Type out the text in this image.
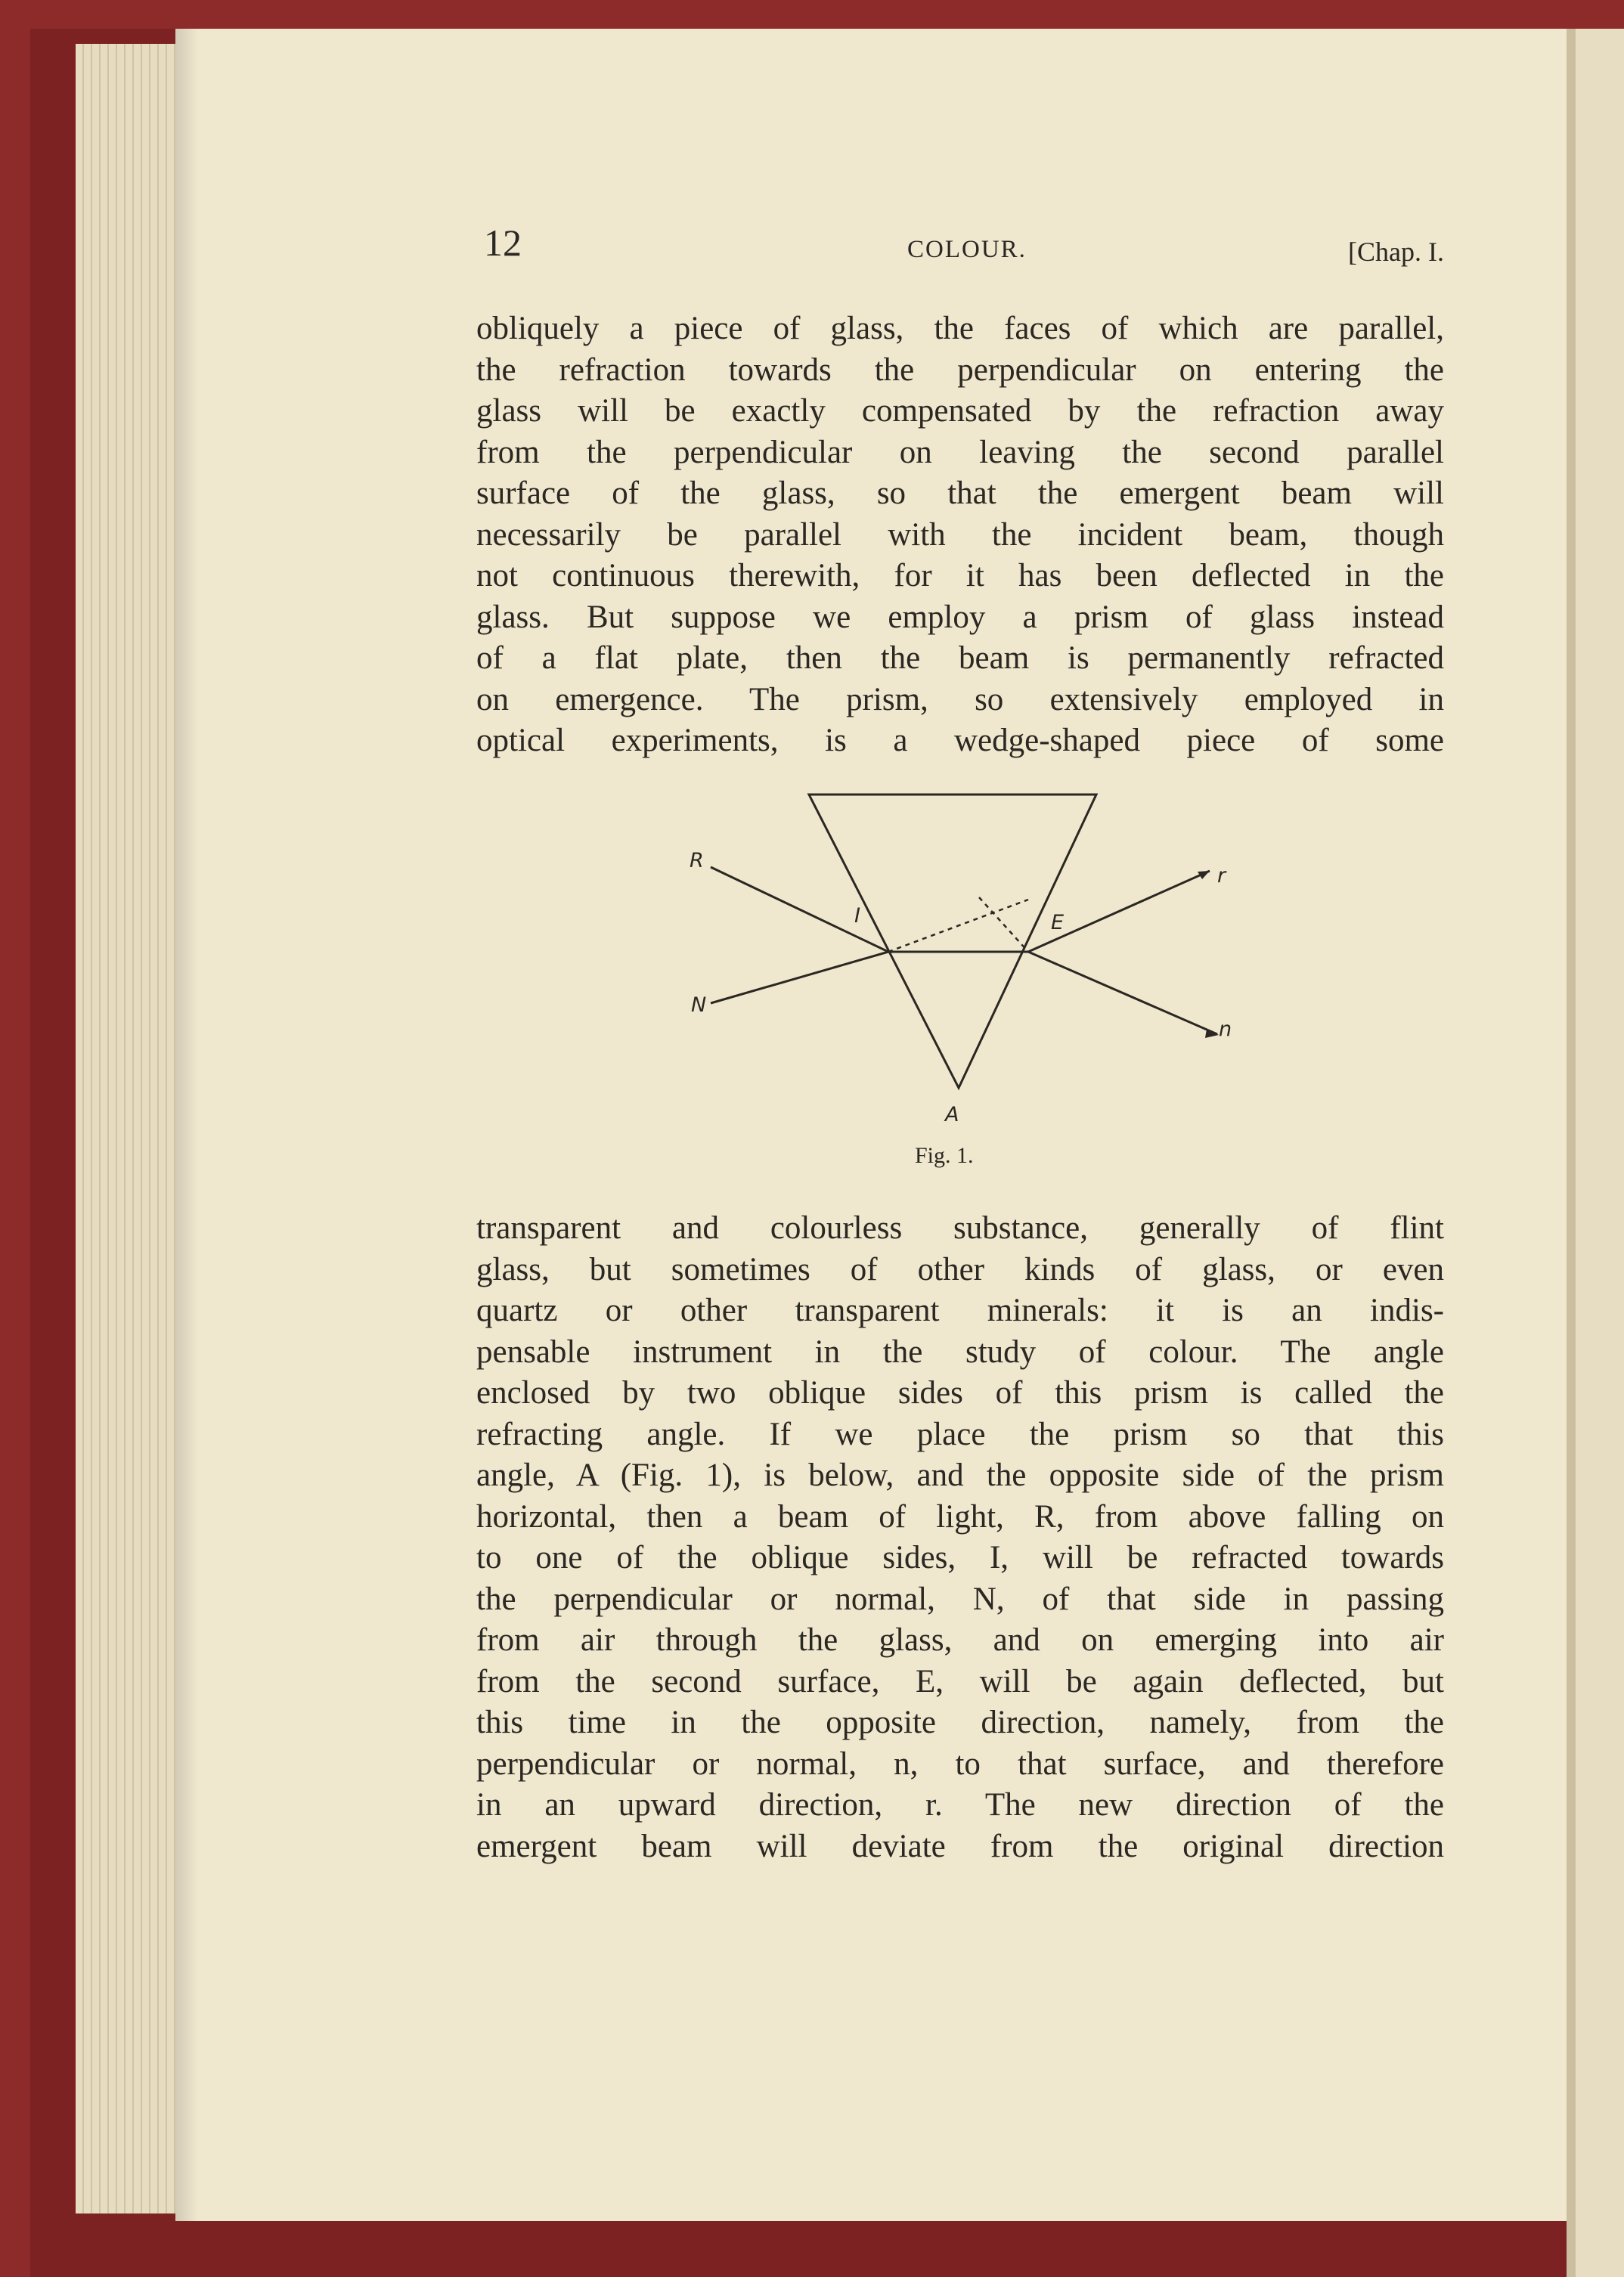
12	COLOUR.	[Chap. I.
obliquely a piece of glass, the faces of which are parallel,
the refraction towards the perpendicular on entering the
glass will be exactly compensated by the refraction away
from the perpendicular on leaving the second parallel
surface of the glass, so that the emergent beam will
necessarily be parallel with the incident beam, though
not continuous therewith, for it has been deflected in the
glass. But suppose we employ a prism of glass instead
of a flat plate, then the beam is permanently refracted
on emergence. The prism, so extensively employed in
optical experiments, is a wedge-shaped piece of some
R
r
I	E
N
n
A
Fig. 1.
transparent and colourless substance, generally of flint
glass, but sometimes of other kinds of glass, or even
quartz or other transparent minerals: it is an indis-
pensable instrument in the study of colour. The angle
enclosed by two oblique sides of this prism is called the
refracting angle. If we place the prism so that this
angle, A (Fig. 1), is below, and the opposite side of the prism
horizontal, then a beam of light, R, from above falling on
to one of the oblique sides, I, will be refracted towards
the perpendicular or normal, N, of that side in passing
from air through the glass, and on emerging into air
from the second surface, E, will be again deflected, but
this time in the opposite direction, namely, from the
perpendicular or normal, n, to that surface, and therefore
in an upward direction, r. The new direction of the
emergent beam will deviate from the original direction
